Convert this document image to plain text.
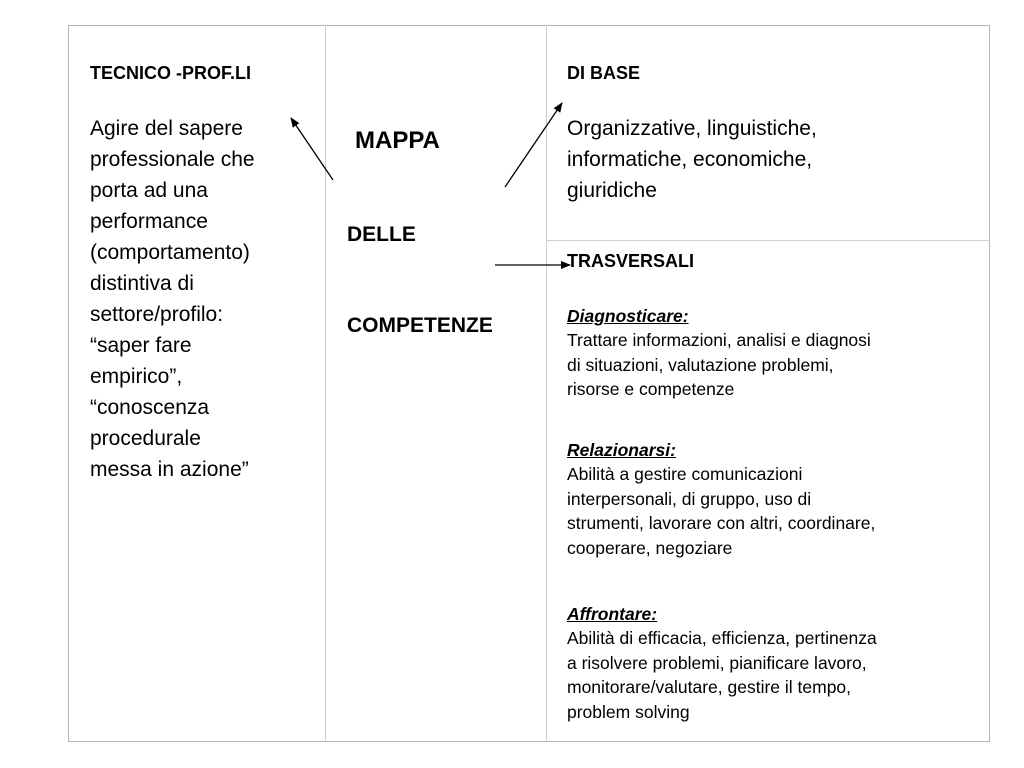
TECNICO -PROF.LI
Agire del sapere
professionale che
porta ad una
performance
(comportamento)
distintiva di
settore/profilo:
“saper fare
empirico”,
“conoscenza
procedurale
messa in azione”
MAPPA
DELLE
COMPETENZE
DI BASE
Organizzative, linguistiche,
informatiche, economiche,
giuridiche
TRASVERSALI
Diagnosticare:
Trattare informazioni, analisi e diagnosi
di situazioni, valutazione problemi,
risorse e competenze
Relazionarsi:
Abilità a gestire comunicazioni
interpersonali, di gruppo, uso di
strumenti, lavorare con altri, coordinare,
cooperare, negoziare
Affrontare:
Abilità di efficacia, efficienza, pertinenza
a risolvere problemi, pianificare lavoro,
monitorare/valutare, gestire il tempo,
problem solving
